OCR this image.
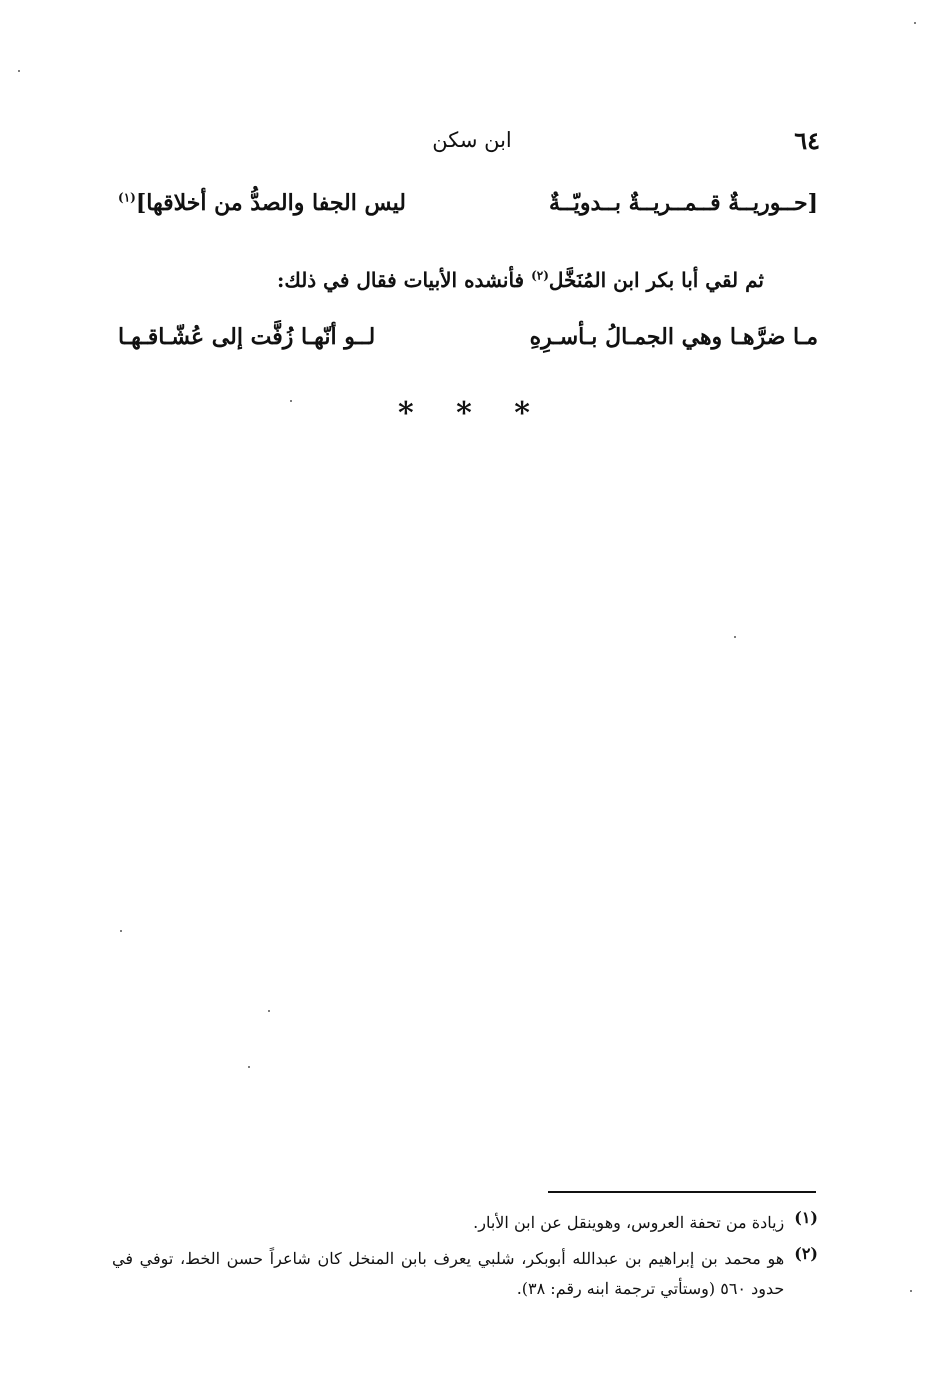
ابن سكن	٦٤
[حــوريــةٌ قــمــريــةٌ بــدويّــةٌ
ليس الجفا والصدُّ من أخلاقها]$^{(١)}$
ثم لقي أبا بكر ابن المُنَخَّل$^{(٢)}$ فأنشده الأبيات فقال في ذلك:
مـا ضرَّهـا وهي الجمـالُ بـأسـرِهِ
لــو أنّهـا زُفَّت إلى عُشّـاقـهـا
* * *
(١)
زيادة من تحفة العروس، وهوينقل عن ابن الأبار.
(٢)
هو محمد بن إبراهيم بن عبدالله أبوبكر، شلبي يعرف بابن المنخل كان شاعراً حسن الخط، توفي في حدود ٥٦٠ (وستأتي ترجمة ابنه رقم: ٣٨).
